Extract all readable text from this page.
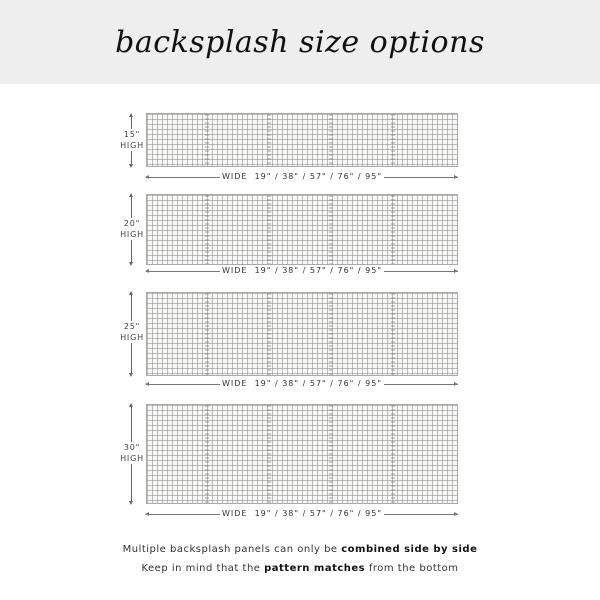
backsplash size options
15"
HIGH
WIDE 19" / 38" / 57" / 76" / 95"
20"
HIGH
WIDE 19" / 38" / 57" / 76" / 95"
25"
HIGH
WIDE 19" / 38" / 57" / 76" / 95"
30"
HIGH
WIDE 19" / 38" / 57" / 76" / 95"
Multiple backsplash panels can only be combined side by side
Keep in mind that the pattern matches from the bottom
